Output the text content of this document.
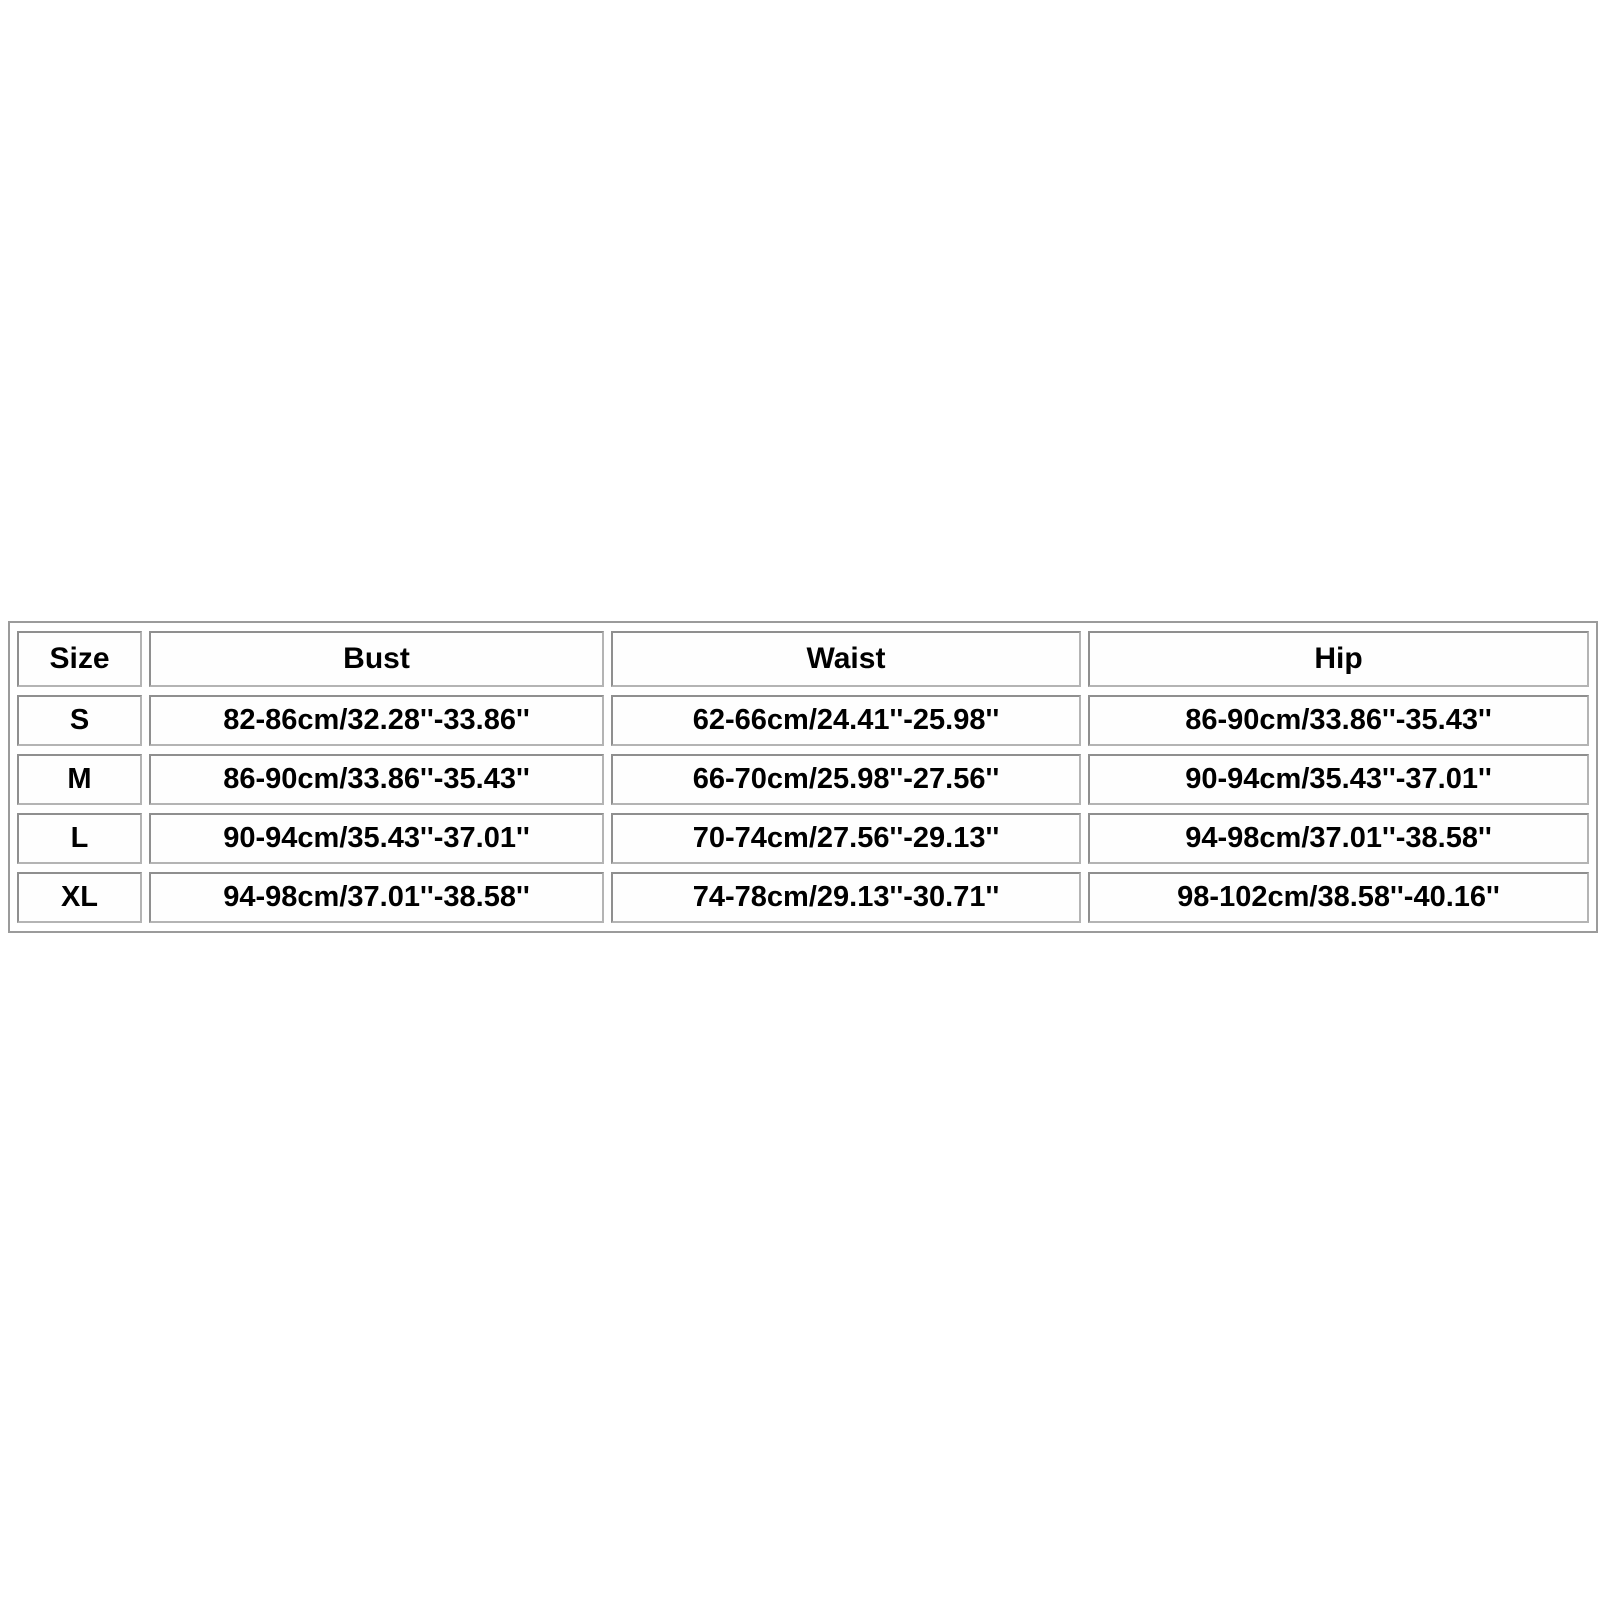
Size	Bust	Waist	Hip
S	82-86cm/32.28''-33.86''	62-66cm/24.41''-25.98''	86-90cm/33.86''-35.43''
M	86-90cm/33.86''-35.43''	66-70cm/25.98''-27.56''	90-94cm/35.43''-37.01''
L	90-94cm/35.43''-37.01''	70-74cm/27.56''-29.13''	94-98cm/37.01''-38.58''
XL	94-98cm/37.01''-38.58''	74-78cm/29.13''-30.71''	98-102cm/38.58''-40.16''
